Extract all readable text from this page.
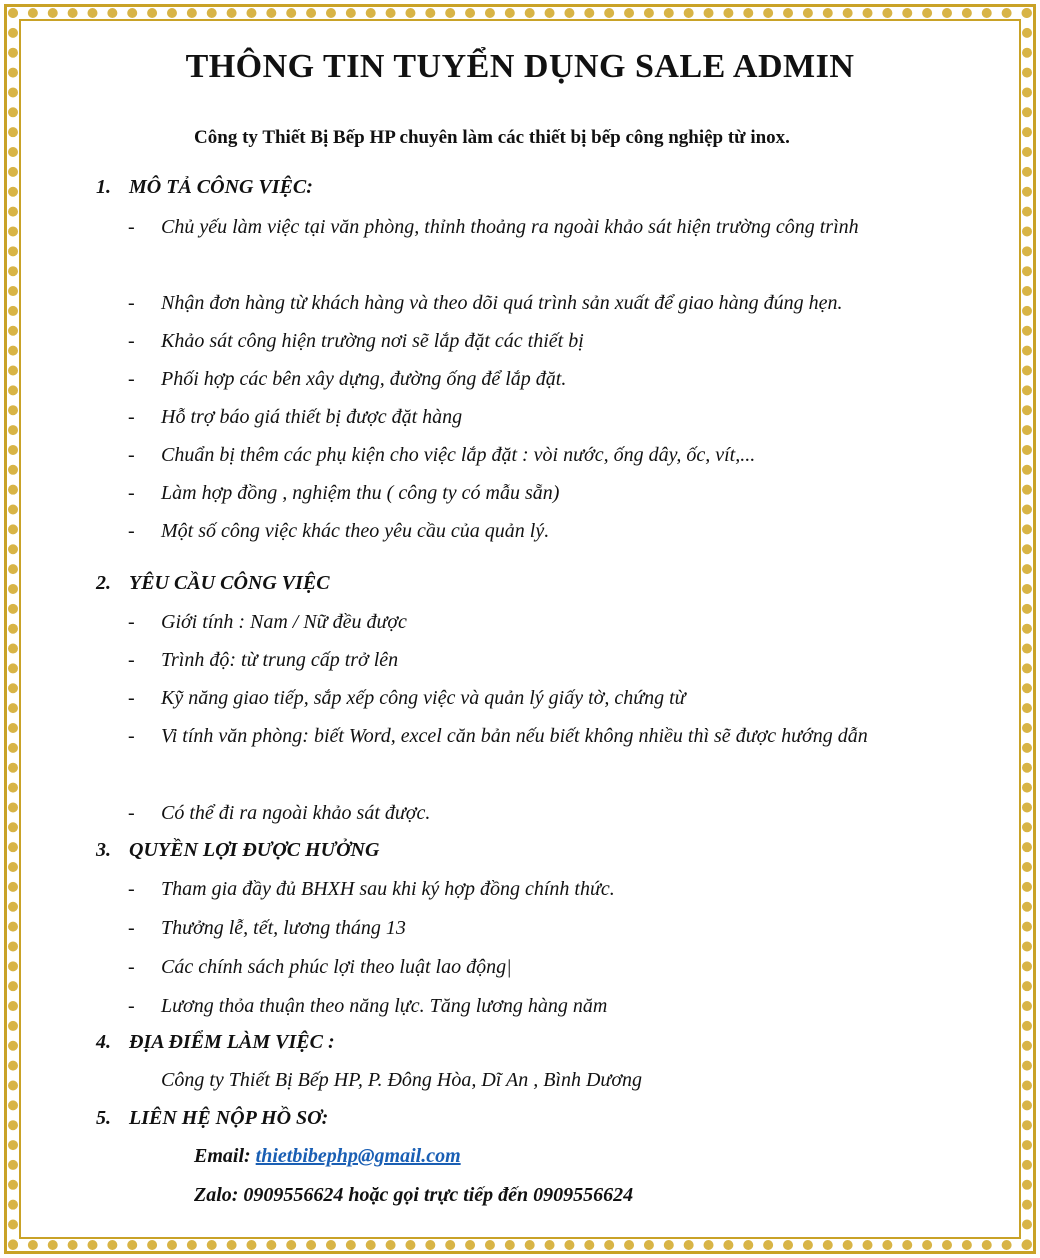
THÔNG TIN TUYỂN DỤNG SALE ADMIN

Công ty Thiết Bị Bếp HP chuyên làm các thiết bị bếp công nghiệp từ inox.

1. MÔ TẢ CÔNG VIỆC:
- Chủ yếu làm việc tại văn phòng, thỉnh thoảng ra ngoài khảo sát hiện trường công trình
- Nhận đơn hàng từ khách hàng và theo dõi quá trình sản xuất để giao hàng đúng hẹn.
- Khảo sát công hiện trường nơi sẽ lắp đặt các thiết bị
- Phối hợp các bên xây dựng, đường ống để lắp đặt.
- Hỗ trợ báo giá thiết bị được đặt hàng
- Chuẩn bị thêm các phụ kiện cho việc lắp đặt : vòi nước, ống dây, ốc, vít,...
- Làm hợp đồng , nghiệm thu ( công ty có mẫu sẵn)
- Một số công việc khác theo yêu cầu của quản lý.
2. YÊU CẦU CÔNG VIỆC
- Giới tính : Nam / Nữ đều được
- Trình độ: từ trung cấp trở lên
- Kỹ năng giao tiếp, sắp xếp công việc và quản lý giấy tờ, chứng từ
- Vi tính văn phòng: biết Word, excel căn bản nếu biết không nhiều thì sẽ được hướng dẫn
- Có thể đi ra ngoài khảo sát được.
3. QUYỀN LỢI ĐƯỢC HƯỞNG
- Tham gia đầy đủ BHXH sau khi ký hợp đồng chính thức.
- Thưởng lễ, tết, lương tháng 13
- Các chính sách phúc lợi theo luật lao động|
- Lương thỏa thuận theo năng lực. Tăng lương hàng năm
4. ĐỊA ĐIỂM LÀM VIỆC :
Công ty Thiết Bị Bếp HP, P. Đông Hòa, Dĩ An , Bình Dương
5. LIÊN HỆ NỘP HỒ SƠ:
Email: thietbibephp@gmail.com
Zalo: 0909556624 hoặc gọi trực tiếp đến 0909556624
